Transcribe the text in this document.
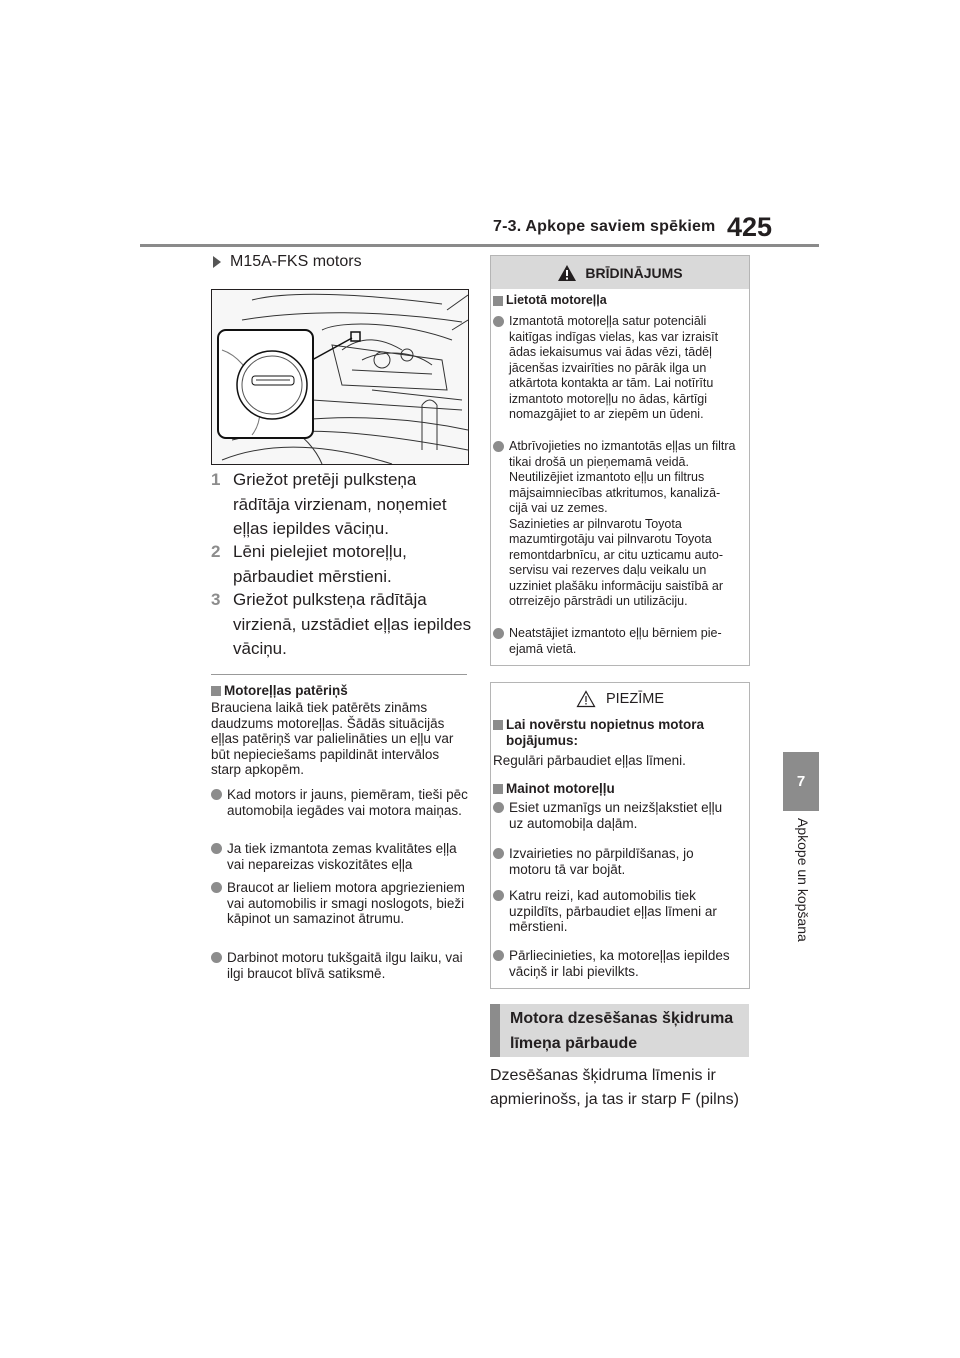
7-3. Apkope saviem spēkiem 425
7
Apkope un kopšana
M15A-FKS motors
1 Griežot pretēji pulksteņa rādītāja virzienam, noņemiet eļļas iepildes vāciņu.
2 Lēni pielejiet motoreļļu, pārbaudiet mērstieni.
3 Griežot pulksteņa rādītāja virzienā, uzstādiet eļļas iepildes vāciņu.
Motoreļļas patēriņš
Brauciena laikā tiek patērēts zināms daudzums motoreļļas. Šādās situācijās eļļas patēriņš var palielināties un eļļu var būt nepieciešams papildināt intervālos starp apkopēm.
Kad motors ir jauns, piemēram, tieši pēc automobiļa iegādes vai motora maiņas.
Ja tiek izmantota zemas kvalitātes eļļa vai nepareizas viskozitātes eļļa
Braucot ar lieliem motora apgriezieniem vai automobilis ir smagi noslogots, bieži kāpinot un samazinot ātrumu.
Darbinot motoru tukšgaitā ilgu laiku, vai ilgi braucot blīvā satiksmē.
BRĪDINĀJUMS
Lietotā motoreļļa
Izmantotā motoreļļa satur potenciāli kaitīgas indīgas vielas, kas var izraisīt ādas iekaisumus vai ādas vēzi, tādēļ jācenšas izvairīties no pārāk ilga un atkārtota kontakta ar tām. Lai notīrītu izmantoto motoreļļu no ādas, kārtīgi nomazgājiet to ar ziepēm un ūdeni.
Atbrīvojieties no izmantotās eļļas un filtra tikai drošā un pieņemamā veidā. Neutilizējiet izmantoto eļļu un filtrus mājsaimniecības atkritumos, kanalizā-cijā vai uz zemes.
Sazinieties ar pilnvarotu Toyota mazumtirgotāju vai pilnvarotu Toyota remontdarbnīcu, ar citu uzticamu auto-servisu vai rezerves daļu veikalu un uzziniet plašāku informāciju saistībā ar otrreizējo pārstrādi un utilizāciju.
Neatstājiet izmantoto eļļu bērniem pie-ejamā vietā.
PIEZĪME
Lai novērstu nopietnus motora bojājumus:
Regulāri pārbaudiet eļļas līmeni.
Mainot motoreļļu
Esiet uzmanīgs un neizšļakstiet eļļu uz automobiļa daļām.
Izvairieties no pārpildīšanas, jo motoru tā var bojāt.
Katru reizi, kad automobilis tiek uzpildīts, pārbaudiet eļļas līmeni ar mērstieni.
Pārliecinieties, ka motoreļļas iepildes vāciņš ir labi pievilkts.
Motora dzesēšanas šķidruma līmeņa pārbaude
Dzesēšanas šķidruma līmenis ir apmierinošs, ja tas ir starp F (pilns)
